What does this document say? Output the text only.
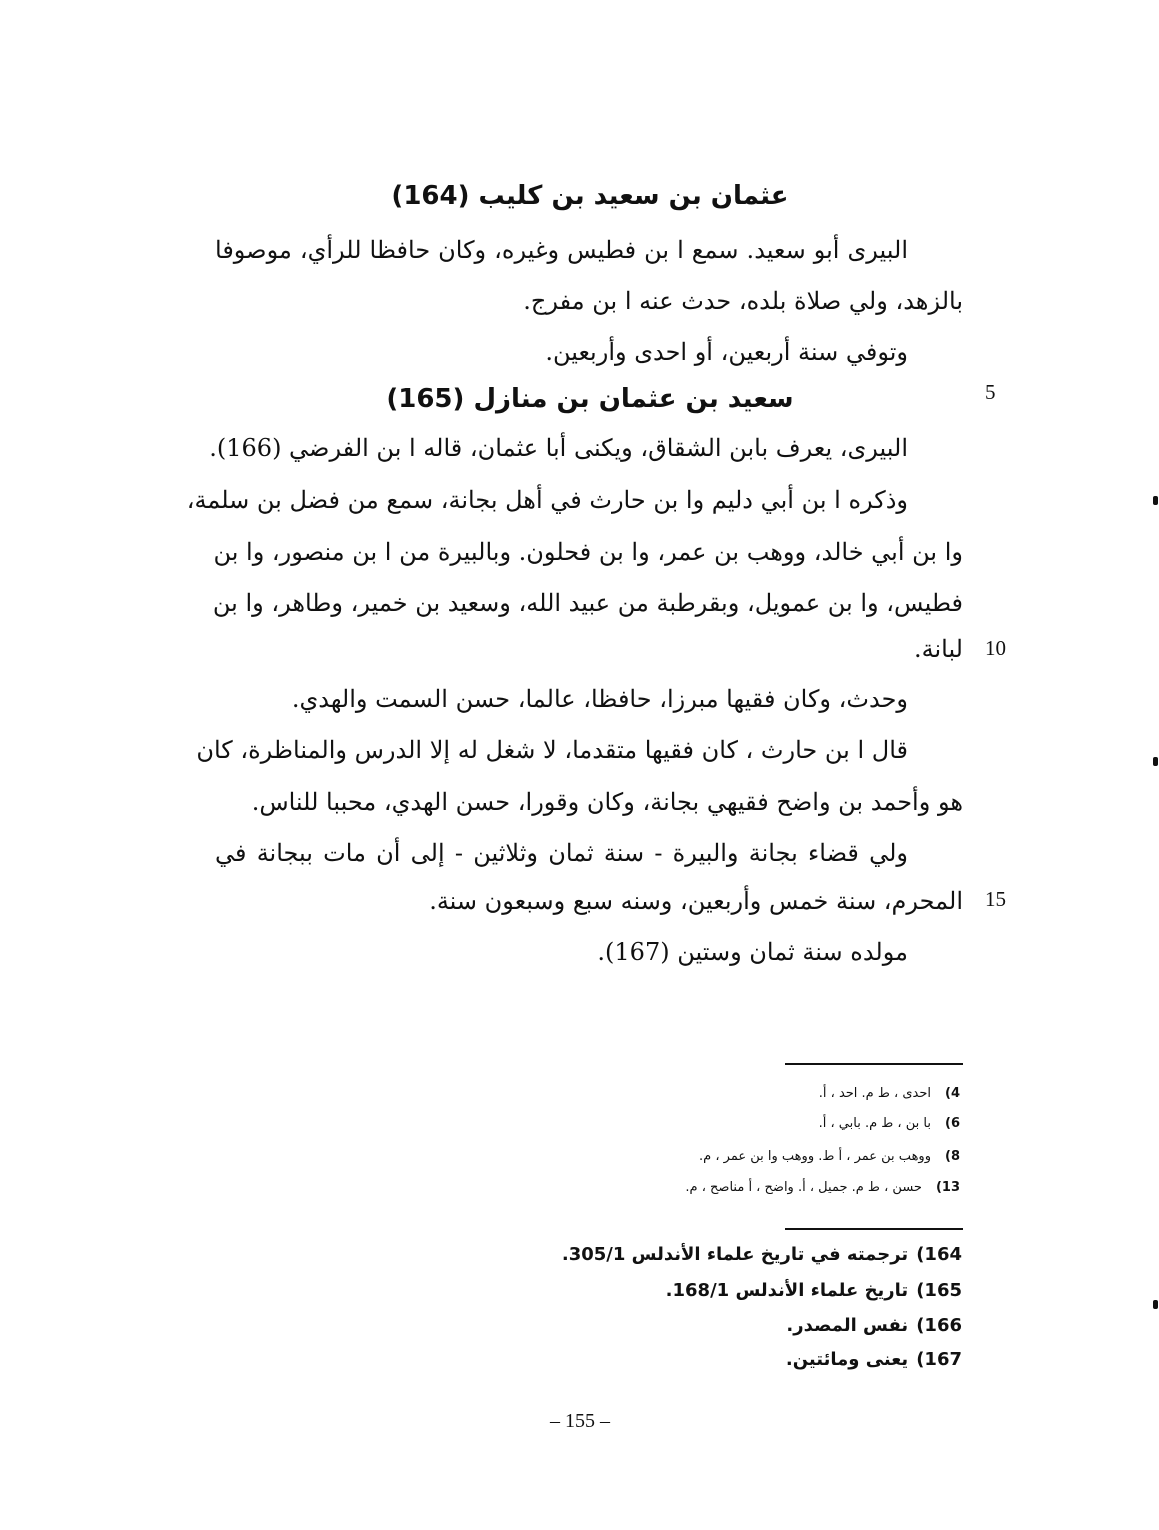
عثمان بن سعيد بن كليب (164)
البيرى أبو سعيد. سمع ا بن فطيس وغيره، وكان حافظا للرأي، موصوفا
بالزهد، ولي صلاة بلده، حدث عنه ا بن مفرج.
وتوفي سنة أربعين، أو احدى وأربعين.
سعيد بن عثمان بن منازل (165)	5
البيرى، يعرف بابن الشقاق، ويكنى أبا عثمان، قاله ا بن الفرضي (166).
وذكره ا بن أبي دليم وا بن حارث في أهل بجانة، سمع من فضل بن سلمة،
وا بن أبي خالد، ووهب بن عمر، وا بن فحلون. وبالبيرة من ا بن منصور، وا بن
فطيس، وا بن عمويل، وبقرطبة من عبيد الله، وسعيد بن خمير، وطاهر، وا بن
لبانة. 10
وحدث، وكان فقيها مبرزا، حافظا، عالما، حسن السمت والهدي.
قال ا بن حارث ، كان فقيها متقدما، لا شغل له إلا الدرس والمناظرة، كان
هو وأحمد بن واضح فقيهي بجانة، وكان وقورا، حسن الهدي، محببا للناس.
ولي قضاء بجانة والبيرة - سنة ثمان وثلاثين - إلى أن مات ببجانة في
المحرم، سنة خمس وأربعين، وسنه سبع وسبعون سنة. 15
مولده سنة ثمان وستين (167).
4)احدى ، ط م. احد ، أ.
6)با بن ، ط م. بابي ، أ.
8)ووهب بن عمر ، أ ط. ووهب وا بن عمر ، م.
13)حسن ، ط م. جميل ، أ. واضح ، أ مناصح ، م.
164)ترجمته في تاريخ علماء الأندلس 305/1.
165)تاريخ علماء الأندلس 168/1.
166)نفس المصدر.
167)يعنى ومائتين.
– 155 –
